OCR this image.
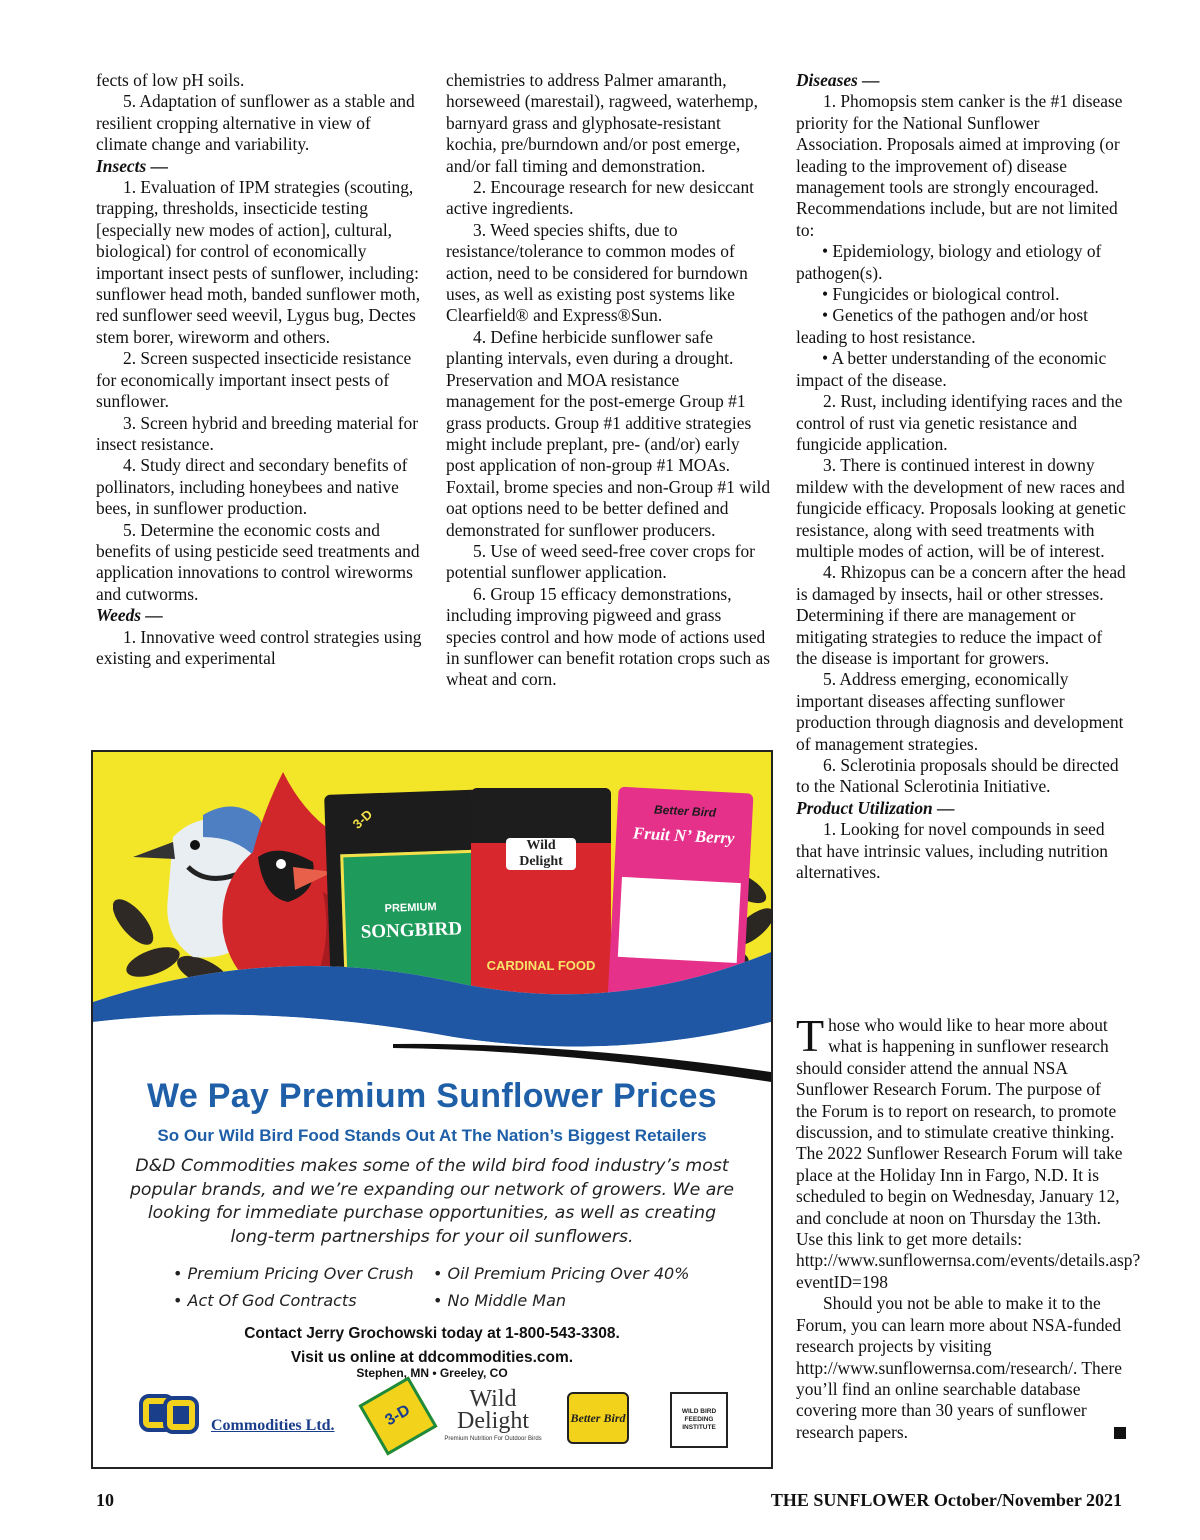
fects of low pH soils.

5. Adaptation of sunflower as a stable and resilient cropping alternative in view of climate change and variability.

Insects —

1. Evaluation of IPM strategies (scouting, trapping, thresholds, insecticide testing [especially new modes of action], cultural, biological) for control of economically important insect pests of sunflower, including: sunflower head moth, banded sunflower moth, red sunflower seed weevil, Lygus bug, Dectes stem borer, wireworm and others.

2. Screen suspected insecticide resistance for economically important insect pests of sunflower.

3. Screen hybrid and breeding material for insect resistance.

4. Study direct and secondary benefits of pollinators, including honeybees and native bees, in sunflower production.

5. Determine the economic costs and benefits of using pesticide seed treatments and application innovations to control wireworms and cutworms.

Weeds —

1. Innovative weed control strategies using existing and experimental

chemistries to address Palmer amaranth, horseweed (marestail), ragweed, waterhemp, barnyard grass and glyphosate-resistant kochia, pre/burndown and/or post emerge, and/or fall timing and demonstration.

2. Encourage research for new desiccant active ingredients.

3. Weed species shifts, due to resistance/tolerance to common modes of action, need to be considered for burndown uses, as well as existing post systems like Clearfield® and Express®Sun.

4. Define herbicide sunflower safe planting intervals, even during a drought. Preservation and MOA resistance management for the post-emerge Group #1 grass products. Group #1 additive strategies might include preplant, pre- (and/or) early post application of non-group #1 MOAs. Foxtail, brome species and non-Group #1 wild oat options need to be better defined and demonstrated for sunflower producers.

5. Use of weed seed-free cover crops for potential sunflower application.

6. Group 15 efficacy demonstrations, including improving pigweed and grass species control and how mode of actions used in sunflower can benefit rotation crops such as wheat and corn.

Diseases —

1. Phomopsis stem canker is the #1 disease priority for the National Sunflower Association. Proposals aimed at improving (or leading to the improvement of) disease management tools are strongly encouraged. Recommendations include, but are not limited to:

• Epidemiology, biology and etiology of pathogen(s).

• Fungicides or biological control.

• Genetics of the pathogen and/or host leading to host resistance.

• A better understanding of the economic impact of the disease.

2. Rust, including identifying races and the control of rust via genetic resistance and fungicide application.

3. There is continued interest in downy mildew with the development of new races and fungicide efficacy. Proposals looking at genetic resistance, along with seed treatments with multiple modes of action, will be of interest.

4. Rhizopus can be a concern after the head is damaged by insects, hail or other stresses. Determining if there are management or mitigating strategies to reduce the impact of the disease is important for growers.

5. Address emerging, economically important diseases affecting sunflower production through diagnosis and development of management strategies.

6. Sclerotinia proposals should be directed to the National Sclerotinia Initiative.

Product Utilization —

1. Looking for novel compounds in seed that have intrinsic values, including nutrition alternatives.

Those who would like to hear more about what is happening in sunflower research should consider attend the annual NSA Sunflower Research Forum. The purpose of the Forum is to report on research, to promote discussion, and to stimulate creative thinking. The 2022 Sunflower Research Forum will take place at the Holiday Inn in Fargo, N.D. It is scheduled to begin on Wednesday, January 12, and conclude at noon on Thursday the 13th. Use this link to get more details: http://www.sunflowernsa.com/events/details.asp?eventID=198

Should you not be able to make it to the Forum, you can learn more about NSA-funded research projects by visiting http://www.sunflowernsa.com/research/. There you’ll find an online searchable database covering more than 30 years of sunflower research papers.

3-D
PREMIUM
SONGBIRD
Wild Delight
CARDINAL FOOD
Better Bird
Fruit N’ Berry
We Pay Premium Sunflower Prices
So Our Wild Bird Food Stands Out At The Nation’s Biggest Retailers
D&D Commodities makes some of the wild bird food industry’s most popular brands, and we’re expanding our network of growers. We are looking for immediate purchase opportunities, as well as creating long-term partnerships for your oil sunflowers.
• Premium Pricing Over Crush
• Act Of God Contracts
• Oil Premium Pricing Over 40%
• No Middle Man
Contact Jerry Grochowski today at 1-800-543-3308.
Visit us online at ddcommodities.com.
Stephen, MN • Greeley, CO
Commodities Ltd.	3-D
Wild
Delight
Premium Nutrition For Outdoor Birds
Better Bird	WILD BIRD FEEDING INSTITUTE
10	THE SUNFLOWER October/November 2021
